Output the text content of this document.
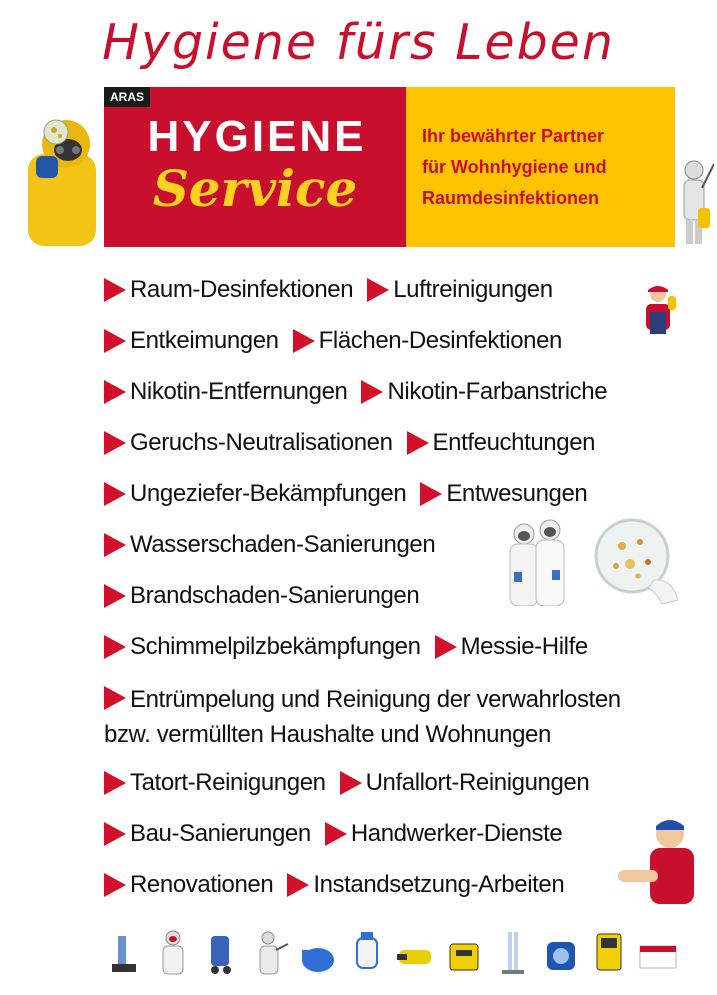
Hygiene fürs Leben
ARAS
HYGIENE
Service
Ihr bewährter Partner
für Wohnhygiene und
Raumdesinfektionen
Raum-Desinfektionen Luftreinigungen
Entkeimungen Flächen-Desinfektionen
Nikotin-Entfernungen Nikotin-Farbanstriche
Geruchs-Neutralisationen Entfeuchtungen
Ungeziefer-Bekämpfungen Entwesungen
Wasserschaden-Sanierungen
Brandschaden-Sanierungen
Schimmelpilzbekämpfungen Messie-Hilfe
Entrümpelung und Reinigung der verwahrlosten
bzw. vermüllten Haushalte und Wohnungen
Tatort-Reinigungen Unfallort-Reinigungen
Bau-Sanierungen Handwerker-Dienste
Renovationen Instandsetzung-Arbeiten
